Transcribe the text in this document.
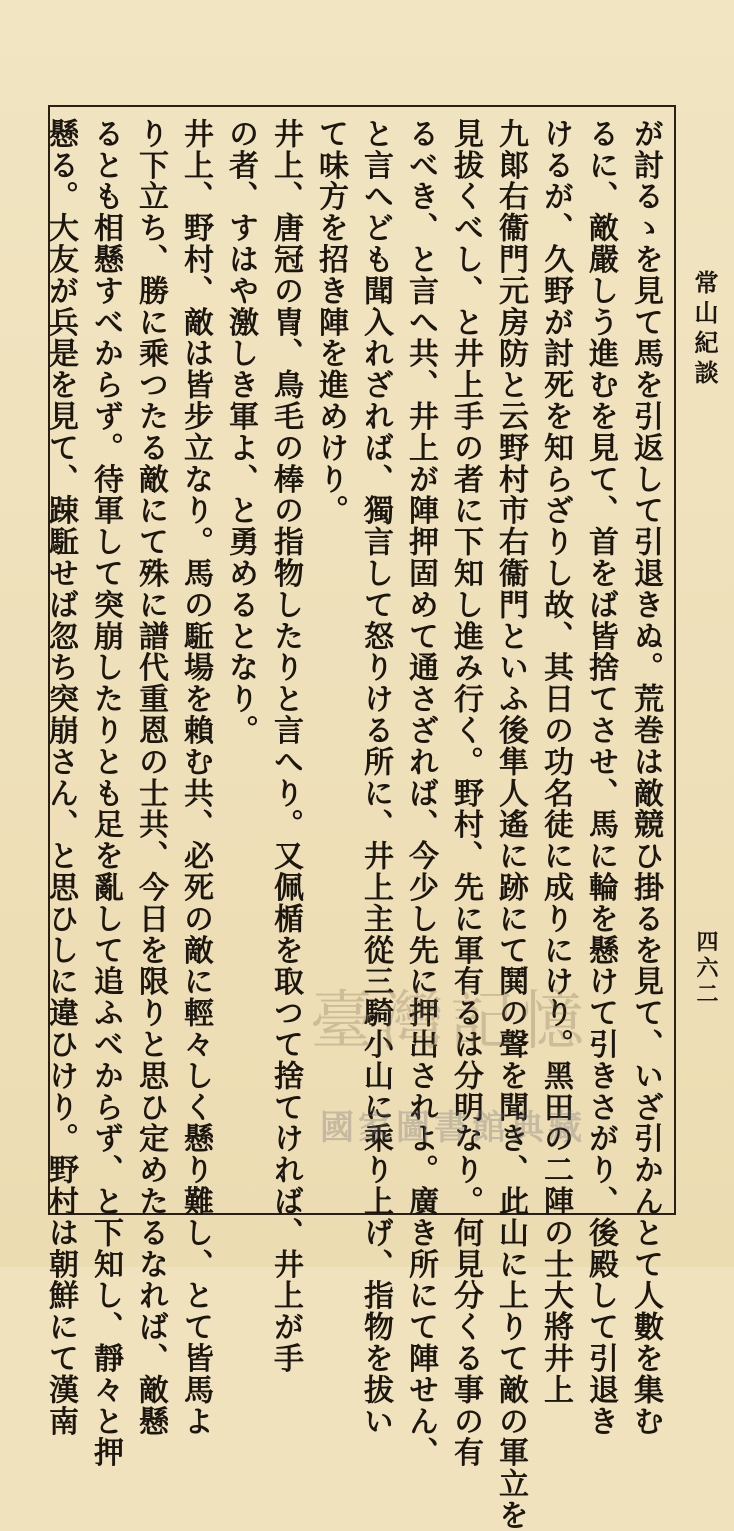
常山紀談
四六二
が討るゝを見て馬を引返して引退きぬ。荒巻は敵競ひ掛るを見て、いざ引かんとて人數を集む
るに、敵嚴しう進むを見て、首をば皆捨てさせ、馬に輪を懸けて引きさがり、後殿して引退き
けるが、久野が討死を知らざりし故、其日の功名徒に成りにけり。黑田の二陣の士大將井上
九郞右衞門元房防と云野村市右衞門といふ後隼人遙に跡にて鬨の聲を聞き、此山に上りて敵の軍立を
見拔くべし、と井上手の者に下知し進み行く。野村、先に軍有るは分明なり。何見分くる事の有
るべき、と言へ共、井上が陣押固めて通さざれば、今少し先に押出されよ。廣き所にて陣せん、
と言へども聞入れざれば、獨言して怒りける所に、井上主從三騎小山に乘り上げ、指物を拔い
て味方を招き陣を進めけり。
井上、唐冠の冑、鳥毛の棒の指物したりと言へり。又佩楯を取つて捨てければ、井上が手
の者、すはや激しき軍よ、と勇めるとなり。
井上、野村、敵は皆步立なり。馬の駈場を賴む共、必死の敵に輕々しく懸り難し、とて皆馬よ
り下立ち、勝に乘つたる敵にて殊に譜代重恩の士共、今日を限りと思ひ定めたるなれば、敵懸
るとも相懸すべからず。待軍して突崩したりとも足を亂して追ふべからず、と下知し、靜々と押
懸る。大友が兵是を見て、踈駈せば忽ち突崩さん、と思ひしに違ひけり。野村は朝鮮にて漢南	臺灣記憶
國家圖書館典藏
